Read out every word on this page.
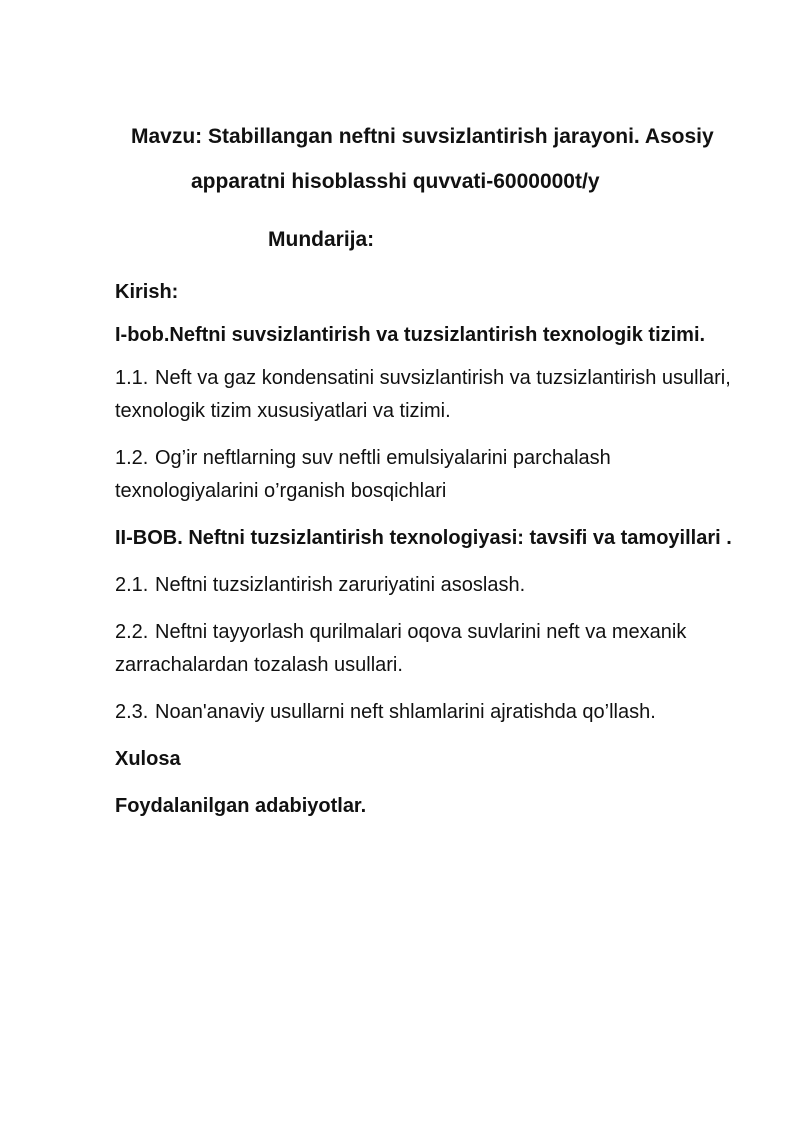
Mavzu: Stabillangan neftni suvsizlantirish jarayoni. Asosiy
apparatni hisoblasshi quvvati-6000000t/y
Mundarija:
Kirish:
I-bob.Neftni suvsizlantirish va tuzsizlantirish texnologik tizimi.
1.1. Neft va gaz kondensatini suvsizlantirish va tuzsizlantirish usullari, texnologik tizim xususiyatlari va tizimi.
1.2. Og’ir neftlarning suv neftli emulsiyalarini parchalash texnologiyalarini o’rganish bosqichlari
II-BOB. Neftni tuzsizlantirish texnologiyasi: tavsifi va tamoyillari .
2.1. Neftni tuzsizlantirish zaruriyatini asoslash.
2.2. Neftni tayyorlash qurilmalari oqova suvlarini neft va mexanik zarrachalardan tozalash usullari.
2.3. Noan'anaviy usullarni neft shlamlarini ajratishda qo’llash.
Xulosa
Foydalanilgan adabiyotlar.
